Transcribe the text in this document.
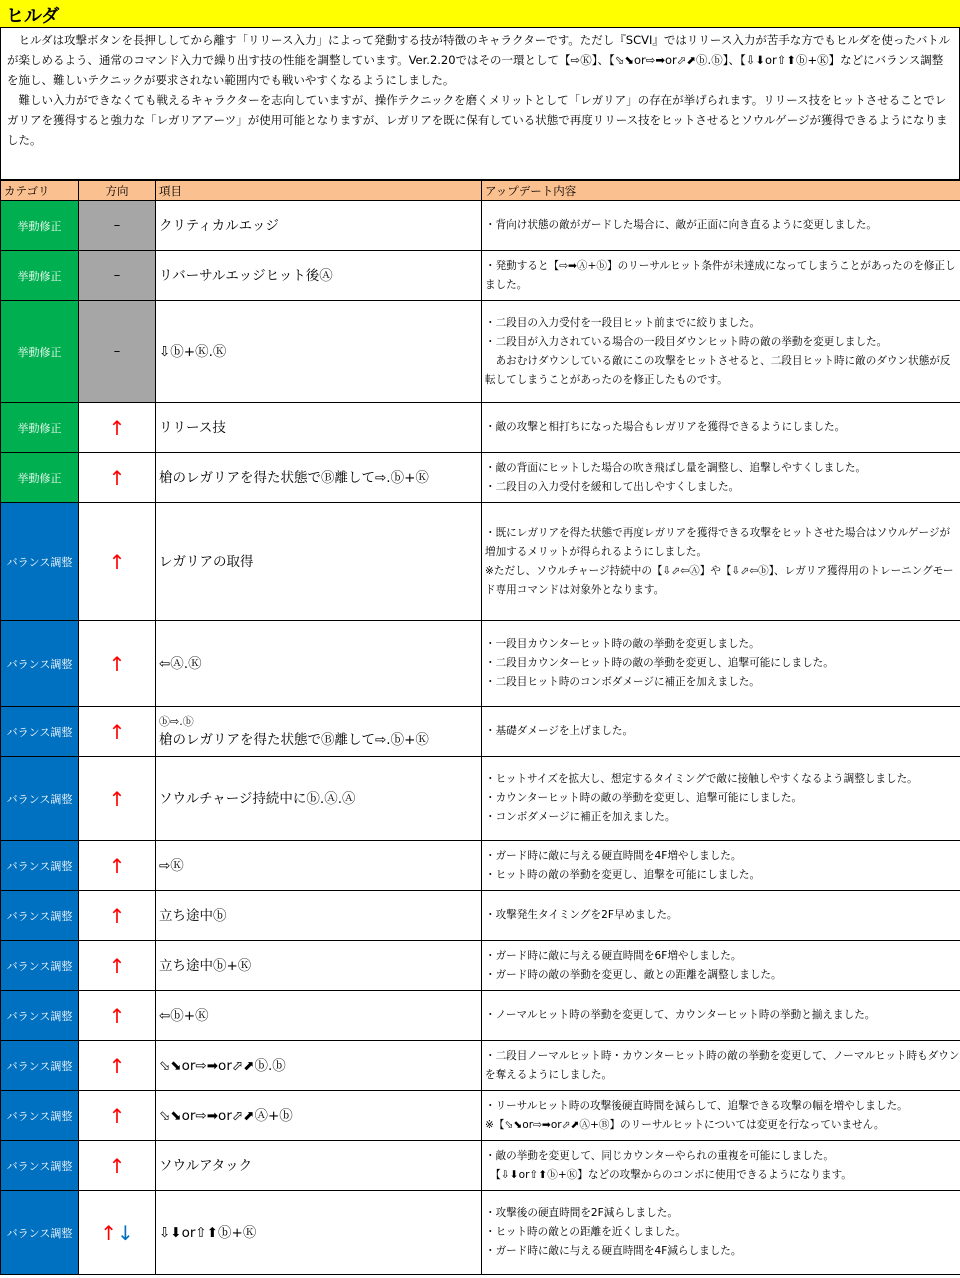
ヒルダ

ヒルダは攻撃ボタンを長押ししてから離す「リリース入力」によって発動する技が特徴のキャラクターです。ただし『SCVI』ではリリース入力が苦手な方でもヒルダを使ったバトルが楽しめるよう、通常のコマンド入力で繰り出す技の性能を調整しています。Ver.2.20ではその一環として【⇨Ⓚ】、【⬂⬊or⇨➡or⬀⬈ⓑ.ⓑ】、【⇩⬇or⇧⬆ⓑ+Ⓚ】などにバランス調整を施し、難しいテクニックが要求されない範囲内でも戦いやすくなるようにしました。

難しい入力ができなくても戦えるキャラクターを志向していますが、操作テクニックを磨くメリットとして「レガリア」の存在が挙げられます。リリース技をヒットさせることでレガリアを獲得すると強力な「レガリアアーツ」が使用可能となりますが、レガリアを既に保有している状態で再度リリース技をヒットさせるとソウルゲージが獲得できるようになりました。

カテゴリ	方向	項目	アップデート内容
挙動修正	–	クリティカルエッジ	・背向け状態の敵がガードした場合に、敵が正面に向き直るように変更しました。

挙動修正	–	リバーサルエッジヒット後Ⓐ	・発動すると【⇨➡Ⓐ+ⓑ】のリーサルヒット条件が未達成になってしまうことがあったのを修正しました。

挙動修正	–	⇩ⓑ+Ⓚ.Ⓚ	・二段目の入力受付を一段目ヒット前までに絞りました。
・二段目が入力されている場合の一段目ダウンヒット時の敵の挙動を変更しました。
　あおむけダウンしている敵にこの攻撃をヒットさせると、二段目ヒット時に敵のダウン状態が反転してしまうことがあったのを修正したものです。

挙動修正	↑	リリース技	・敵の攻撃と相打ちになった場合もレガリアを獲得できるようにしました。

挙動修正	↑	槍のレガリアを得た状態でⒷ離して⇨.ⓑ+Ⓚ	・敵の背面にヒットした場合の吹き飛ばし量を調整し、追撃しやすくしました。
・二段目の入力受付を緩和して出しやすくしました。

バランス調整	↑	レガリアの取得	・既にレガリアを得た状態で再度レガリアを獲得できる攻撃をヒットさせた場合はソウルゲージが増加するメリットが得られるようにしました。
※ただし、ソウルチャージ持続中の【⇩⬀⇦Ⓐ】や【⇩⬀⇦ⓑ】、レガリア獲得用のトレーニングモード専用コマンドは対象外となります。

バランス調整	↑	⇦Ⓐ.Ⓚ	・一段目カウンターヒット時の敵の挙動を変更しました。
・二段目カウンターヒット時の敵の挙動を変更し、追撃可能にしました。
・二段目ヒット時のコンボダメージに補正を加えました。

バランス調整	↑	ⓑ⇨.ⓑ
槍のレガリアを得た状態でⒷ離して⇨.ⓑ+Ⓚ	・基礎ダメージを上げました。

バランス調整	↑	ソウルチャージ持続中にⓑ.Ⓐ.Ⓐ	・ヒットサイズを拡大し、想定するタイミングで敵に接触しやすくなるよう調整しました。
・カウンターヒット時の敵の挙動を変更し、追撃可能にしました。
・コンボダメージに補正を加えました。

バランス調整	↑	⇨Ⓚ	・ガード時に敵に与える硬直時間を4F増やしました。
・ヒット時の敵の挙動を変更し、追撃を可能にしました。

バランス調整	↑	立ち途中ⓑ	・攻撃発生タイミングを2F早めました。

バランス調整	↑	立ち途中ⓑ+Ⓚ	・ガード時に敵に与える硬直時間を6F増やしました。
・ガード時の敵の挙動を変更し、敵との距離を調整しました。

バランス調整	↑	⇦ⓑ+Ⓚ	・ノーマルヒット時の挙動を変更して、カウンターヒット時の挙動と揃えました。

バランス調整	↑	⬂⬊or⇨➡or⬀⬈ⓑ.ⓑ	・二段目ノーマルヒット時・カウンターヒット時の敵の挙動を変更して、ノーマルヒット時もダウンを奪えるようにしました。

バランス調整	↑	⬂⬊or⇨➡or⬀⬈Ⓐ+ⓑ	・リーサルヒット時の攻撃後硬直時間を減らして、追撃できる攻撃の幅を増やしました。
※【⬂⬊or⇨➡or⬀⬈Ⓐ+Ⓑ】のリーサルヒットについては変更を行なっていません。

バランス調整	↑	ソウルアタック	・敵の挙動を変更して、同じカウンターやられの重複を可能にしました。
　【⇩⬇or⇧⬆ⓑ+Ⓚ】などの攻撃からのコンボに使用できるようになります。

バランス調整	↑↓	⇩⬇or⇧⬆ⓑ+Ⓚ	・攻撃後の硬直時間を2F減らしました。
・ヒット時の敵との距離を近くしました。
・ガード時に敵に与える硬直時間を4F減らしました。
